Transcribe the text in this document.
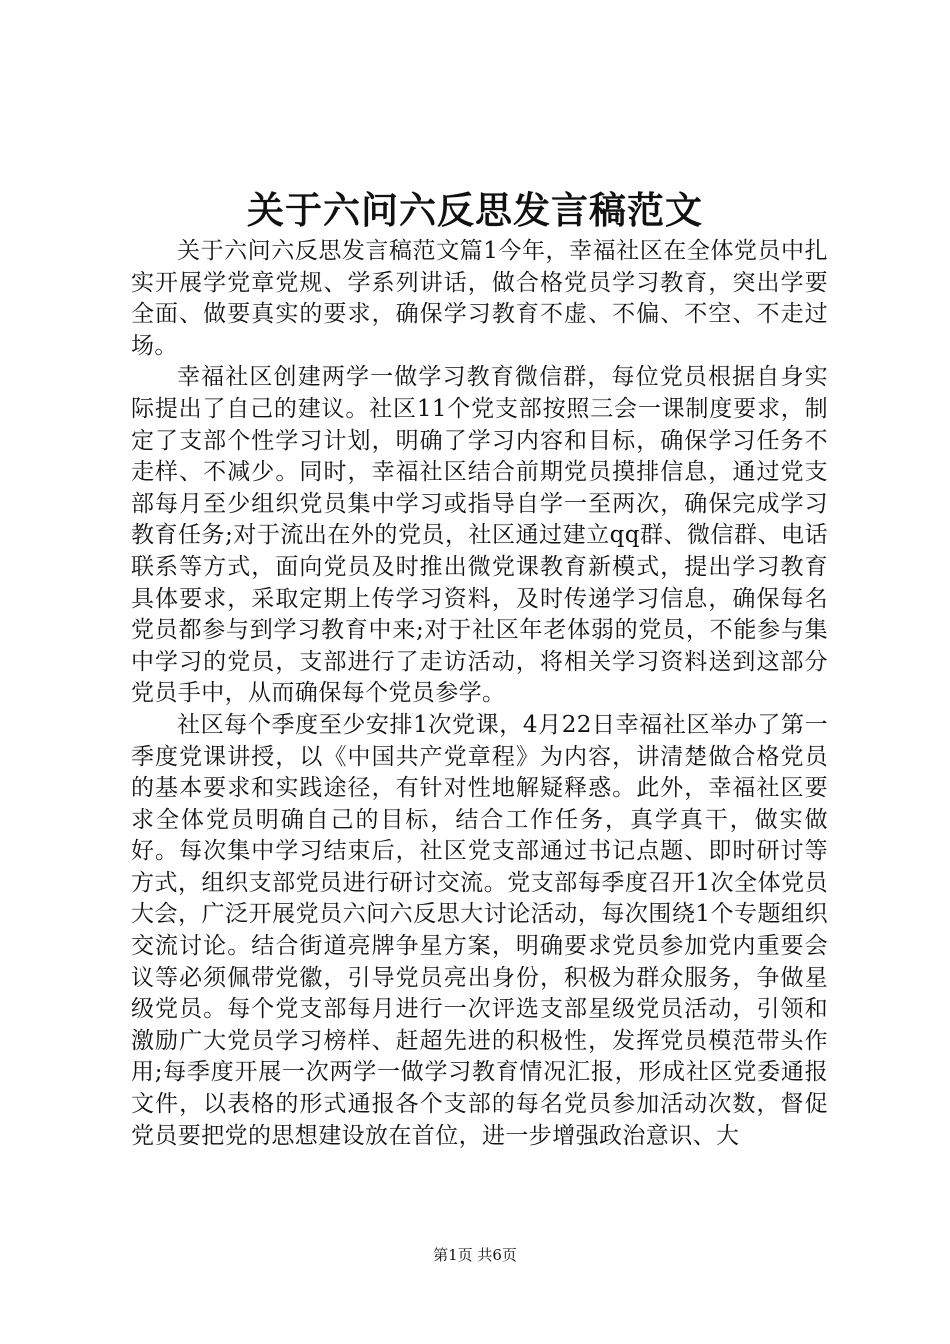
关于六问六反思发言稿范文

关于六问六反思发言稿范文篇1今年，幸福社区在全体党员中扎实开展学党章党规、学系列讲话，做合格党员学习教育，突出学要全面、做要真实的要求，确保学习教育不虚、不偏、不空、不走过场。

幸福社区创建两学一做学习教育微信群，每位党员根据自身实际提出了自己的建议。社区11个党支部按照三会一课制度要求，制定了支部个性学习计划，明确了学习内容和目标，确保学习任务不走样、不减少。同时，幸福社区结合前期党员摸排信息，通过党支部每月至少组织党员集中学习或指导自学一至两次，确保完成学习教育任务;对于流出在外的党员，社区通过建立qq群、微信群、电话联系等方式，面向党员及时推出微党课教育新模式，提出学习教育具体要求，采取定期上传学习资料，及时传递学习信息，确保每名党员都参与到学习教育中来;对于社区年老体弱的党员，不能参与集中学习的党员，支部进行了走访活动，将相关学习资料送到这部分党员手中，从而确保每个党员参学。

社区每个季度至少安排1次党课，4月22日幸福社区举办了第一季度党课讲授，以《中国共产党章程》为内容，讲清楚做合格党员的基本要求和实践途径，有针对性地解疑释惑。此外，幸福社区要求全体党员明确自己的目标，结合工作任务，真学真干，做实做好。每次集中学习结束后，社区党支部通过书记点题、即时研讨等方式，组织支部党员进行研讨交流。党支部每季度召开1次全体党员大会，广泛开展党员六问六反思大讨论活动，每次围绕1个专题组织交流讨论。结合街道亮牌争星方案，明确要求党员参加党内重要会议等必须佩带党徽，引导党员亮出身份，积极为群众服务，争做星级党员。每个党支部每月进行一次评选支部星级党员活动，引领和激励广大党员学习榜样、赶超先进的积极性，发挥党员模范带头作用;每季度开展一次两学一做学习教育情况汇报，形成社区党委通报文件，以表格的形式通报各个支部的每名党员参加活动次数，督促党员要把党的思想建设放在首位，进一步增强政治意识、大

第1页 共6页
